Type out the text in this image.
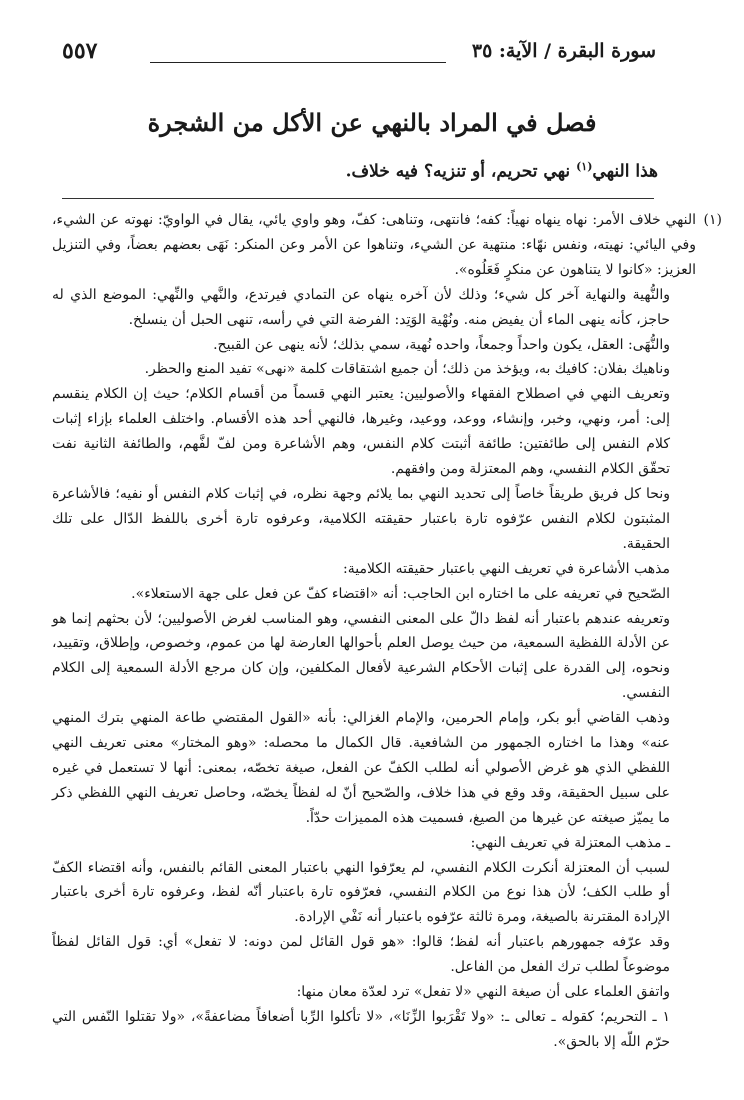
سورة البقرة / الآية: ٣٥
٥٥٧
فصل في المراد بالنهي عن الأكل من الشجرة
هذا النهي$^{(١)}$ نهي تحريم، أو تنزيه؟ فيه خلاف.

(١)النهي خلاف الأمر: نهاه ينهاه نهياً: كفه؛ فانتهى، وتناهى: كفّ، وهو واوي يائي، يقال في الواويّ: نهوته عن الشيء، وفي اليائي: نهيته، ونفس نهّاء: منتهية عن الشيء، وتناهوا عن الأمر وعن المنكر: نَهَى بعضهم بعضاً، وفي التنزيل العزيز: «كانوا لا يتناهون عن منكرٍ فَعَلُوه».

والنُّهية والنهاية آخر كل شيء؛ وذلك لأن آخره ينهاه عن التمادي فيرتدع، والنَّهي والنِّهي: الموضع الذي له حاجز، كأنه ينهى الماء أن يفيض منه. ونُهْية الوَتِد: الفرضة التي في رأسه، تنهى الحبل أن ينسلخ.

والنُّهَى: العقل، يكون واحداً وجمعاً، واحده نُهية، سمي بذلك؛ لأنه ينهى عن القبيح.

وناهيك بفلان: كافيك به، ويؤخذ من ذلك؛ أن جميع اشتقاقات كلمة «نهى» تفيد المنع والحظر.

وتعريف النهي في اصطلاح الفقهاء والأصوليين: يعتبر النهي قسماً من أقسام الكلام؛ حيث إن الكلام ينقسم إلى: أمر، ونهي، وخبر، وإنشاء، ووعد، ووعيد، وغيرها، فالنهي أحد هذه الأقسام. واختلف العلماء بإزاء إثبات كلام النفس إلى طائفتين: طائفة أثبتت كلام النفس، وهم الأشاعرة ومن لفّ لفَّهم، والطائفة الثانية نفت تحقّق الكلام النفسي، وهم المعتزلة ومن وافقهم.

ونحا كل فريق طريقاً خاصاً إلى تحديد النهي بما يلائم وجهة نظره، في إثبات كلام النفس أو نفيه؛ فالأشاعرة المثبتون لكلام النفس عرّفوه تارة باعتبار حقيقته الكلامية، وعرفوه تارة أخرى باللفظ الدّال على تلك الحقيقة.

مذهب الأشاعرة في تعريف النهي باعتبار حقيقته الكلامية:

الصّحيح في تعريفه على ما اختاره ابن الحاجب: أنه «اقتضاء كفّ عن فعل على جهة الاستعلاء».

وتعريفه عندهم باعتبار أنه لفظ دالّ على المعنى النفسي، وهو المناسب لغرض الأصوليين؛ لأن بحثهم إنما هو عن الأدلة اللفظية السمعية، من حيث يوصل العلم بأحوالها العارضة لها من عموم، وخصوص، وإطلاق، وتقييد، ونحوه، إلى القدرة على إثبات الأحكام الشرعية لأفعال المكلفين، وإن كان مرجع الأدلة السمعية إلى الكلام النفسي.

وذهب القاضي أبو بكر، وإمام الحرمين، والإمام الغزالي: بأنه «القول المقتضي طاعة المنهي بترك المنهي عنه» وهذا ما اختاره الجمهور من الشافعية. قال الكمال ما محصله: «وهو المختار» معنى تعريف النهي اللفظي الذي هو غرض الأصولي أنه لطلب الكفّ عن الفعل، صيغة تخصّه، بمعنى: أنها لا تستعمل في غيره على سبيل الحقيقة، وقد وقع في هذا خلاف، والصّحيح أنّ له لفظاً يخصّه، وحاصل تعريف النهي اللفظي ذكر ما يميّز صيغته عن غيرها من الصيغ، فسميت هذه المميزات حدّاً.

ـ مذهب المعتزلة في تعريف النهي:

لسبب أن المعتزلة أنكرت الكلام النفسي، لم يعرّفوا النهي باعتبار المعنى القائم بالنفس، وأنه اقتضاء الكفّ أو طلب الكف؛ لأن هذا نوع من الكلام النفسي، فعرّفوه تارة باعتبار أنّه لفظ، وعرفوه تارة أخرى باعتبار الإرادة المقترنة بالصيغة، ومرة ثالثة عرّفوه باعتبار أنه نَفْي الإرادة.

وقد عرّفه جمهورهم باعتبار أنه لفظ؛ قالوا: «هو قول القائل لمن دونه: لا تفعل» أي: قول القائل لفظاً موضوعاً لطلب ترك الفعل من الفاعل.

واتفق العلماء على أن صيغة النهي «لا تفعل» ترد لعدّة معان منها:

١ ـ التحريم؛ كقوله ـ تعالى ـ: «ولا تَقْرَبوا الزِّنَا»، «لا تأكلوا الرِّبا أضعافاً مضاعفةً»، «ولا تقتلوا النّفس التي حرّم اللّه إلا بالحق».
